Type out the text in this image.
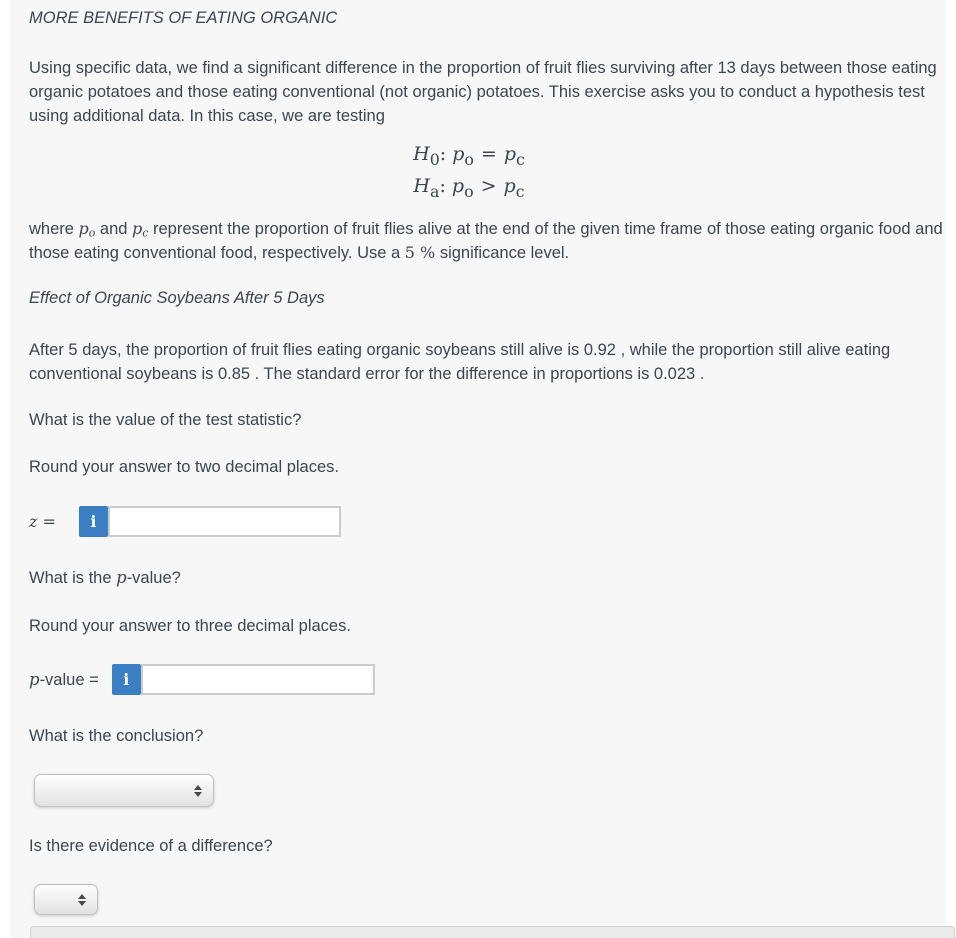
MORE BENEFITS OF EATING ORGANIC
Using specific data, we find a significant difference in the proportion of fruit flies surviving after 13 days between those eating organic potatoes and those eating conventional (not organic) potatoes. This exercise asks you to conduct a hypothesis test using additional data. In this case, we are testing
$H_0$: $p_o = p_c$
$H_a$: $p_o > p_c$
where $p_o$ and $p_c$ represent the proportion of fruit flies alive at the end of the given time frame of those eating organic food and those eating conventional food, respectively. Use a 5 % significance level.
Effect of Organic Soybeans After 5 Days
After 5 days, the proportion of fruit flies eating organic soybeans still alive is 0.92 , while the proportion still alive eating conventional soybeans is 0.85 . The standard error for the difference in proportions is 0.023 .
What is the value of the test statistic?
Round your answer to two decimal places.
z = i
What is the p-value?
Round your answer to three decimal places.
p-value = i
What is the conclusion?
Is there evidence of a difference?
